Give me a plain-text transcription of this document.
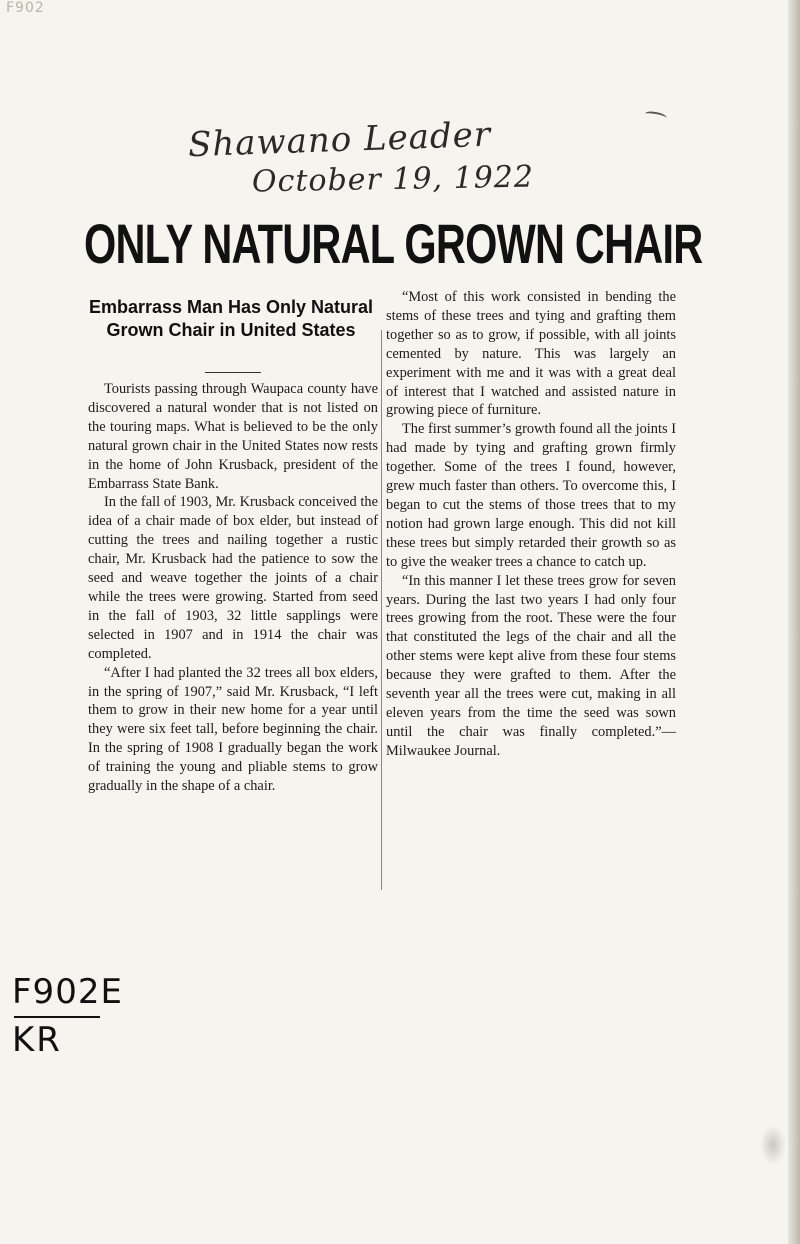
F902
Shawano Leader
October 19, 1922
ONLY NATURAL GROWN CHAIR
Embarrass Man Has Only Natural Grown Chair in United States

Tourists passing through Waupaca county have discovered a natural wonder that is not listed on the touring maps. What is believed to be the only natural grown chair in the United States now rests in the home of John Krusback, president of the Embarrass State Bank.

In the fall of 1903, Mr. Krusback conceived the idea of a chair made of box elder, but instead of cutting the trees and nailing together a rustic chair, Mr. Krusback had the patience to sow the seed and weave together the joints of a chair while the trees were growing. Started from seed in the fall of 1903, 32 little sapplings were selected in 1907 and in 1914 the chair was completed.

“After I had planted the 32 trees all box elders, in the spring of 1907,” said Mr. Krusback, “I left them to grow in their new home for a year until they were six feet tall, before beginning the chair. In the spring of 1908 I gradually began the work of training the young and pliable stems to grow gradually in the shape of a chair.

“Most of this work consisted in bending the stems of these trees and tying and grafting them together so as to grow, if possible, with all joints cemented by nature. This was largely an experiment with me and it was with a great deal of interest that I watched and assisted nature in growing piece of furniture.

The first summer’s growth found all the joints I had made by tying and grafting grown firmly together. Some of the trees I found, however, grew much faster than others. To overcome this, I began to cut the stems of those trees that to my notion had grown large enough. This did not kill these trees but simply retarded their growth so as to give the weaker trees a chance to catch up.

“In this manner I let these trees grow for seven years. During the last two years I had only four trees growing from the root. These were the four that constituted the legs of the chair and all the other stems were kept alive from these four stems because they were grafted to them. After the seventh year all the trees were cut, making in all eleven years from the time the seed was sown until the chair was finally completed.”—Milwaukee Journal.

F902E
KR
